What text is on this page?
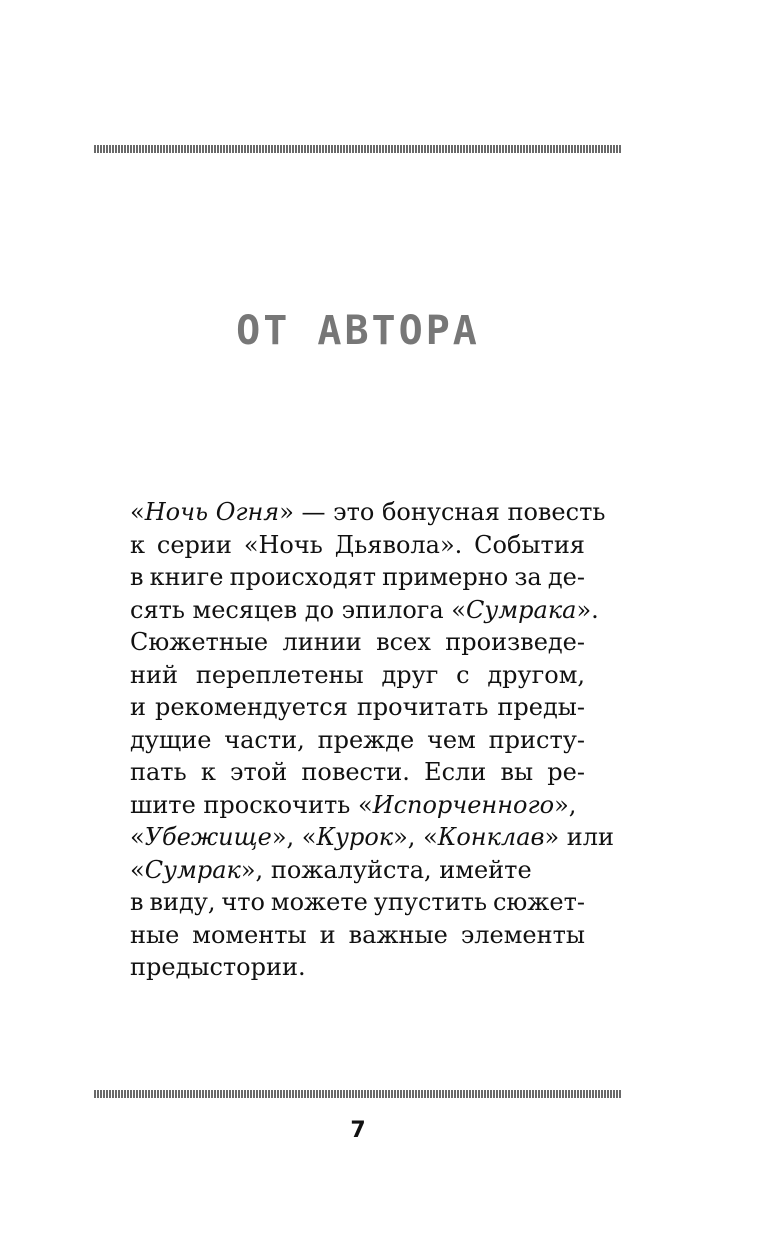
ОТ АВТОРА
«Ночь Огня» — это бонусная повесть
к серии «Ночь Дьявола». События
в книге происходят примерно за де-
сять месяцев до эпилога «Сумрака».
Сюжетные линии всех произведе-
ний переплетены друг с другом,
и рекомендуется прочитать преды-
дущие части, прежде чем присту-
пать к этой повести. Если вы ре-
шите проскочить «Испорченного»,
«Убежище», «Курок», «Конклав» или
«Сумрак», пожалуйста, имейте
в виду, что можете упустить сюжет-
ные моменты и важные элементы
предыстории.
7
